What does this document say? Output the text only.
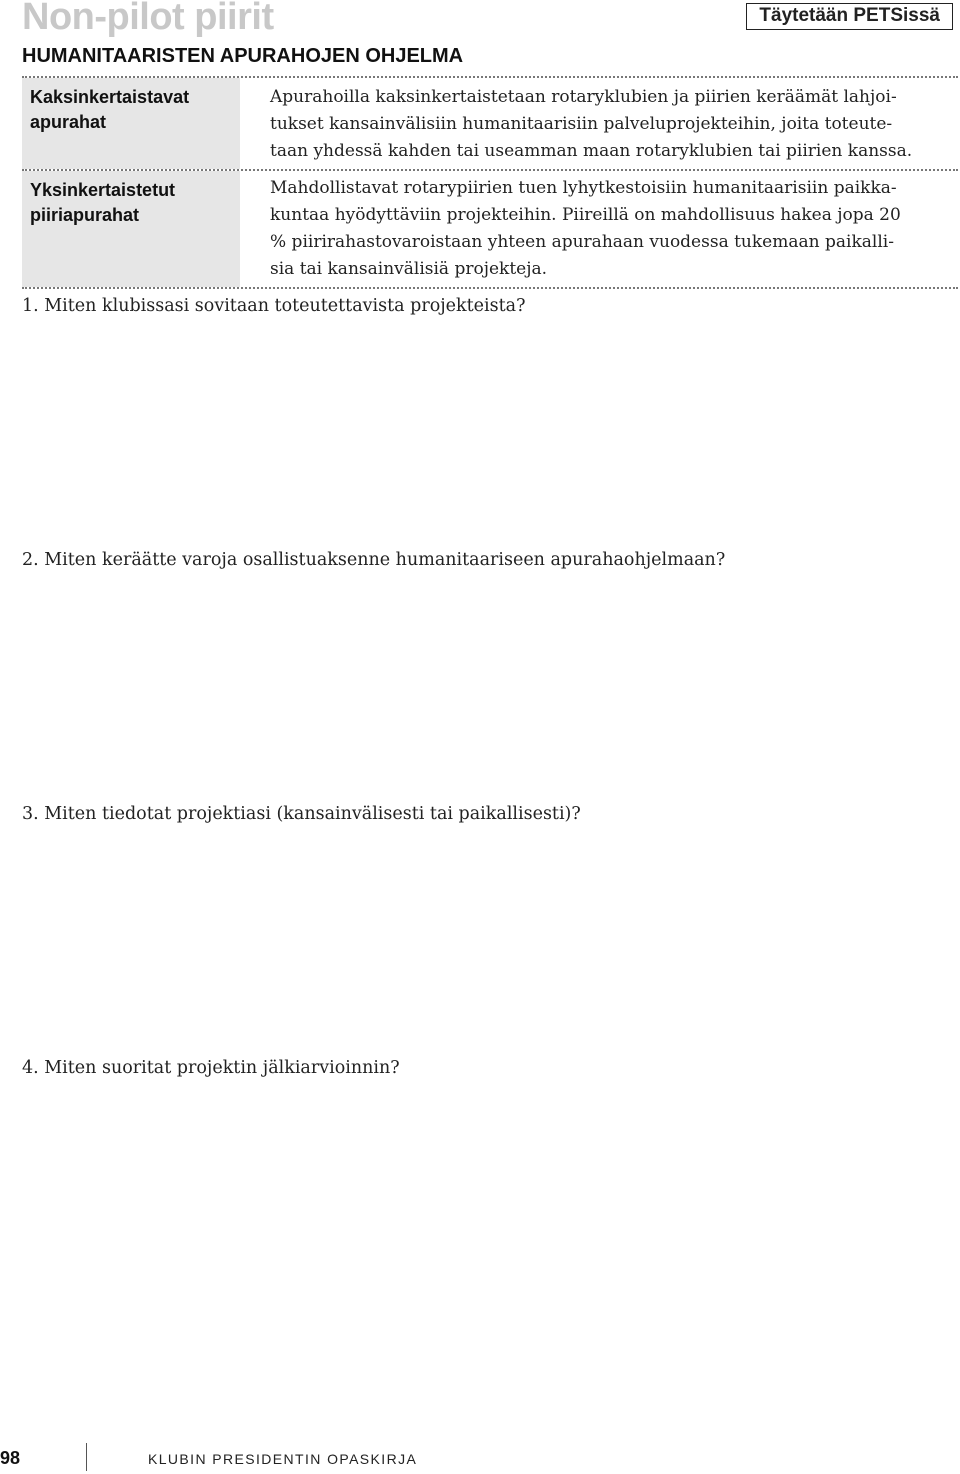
Non-pilot piirit	Täytetään PETSissä
HUMANITAARISTEN APURAHOJEN OHJELMA
Kaksinkertaistavat
apurahat
Apurahoilla kaksinkertaistetaan rotaryklubien ja piirien keräämät lahjoi-
tukset kansainvälisiin humanitaarisiin palveluprojekteihin, joita toteute-
taan yhdessä kahden tai useamman maan rotaryklubien tai piirien kanssa.
Yksinkertaistetut
piiriapurahat
Mahdollistavat rotarypiirien tuen lyhytkestoisiin humanitaarisiin paikka-
kuntaa hyödyttäviin projekteihin. Piireillä on mahdollisuus hakea jopa 20
% piirirahastovaroistaan yhteen apurahaan vuodessa tukemaan paikalli-
sia tai kansainvälisiä projekteja.
1. Miten klubissasi sovitaan toteutettavista projekteista?
2. Miten keräätte varoja osallistuaksenne humanitaariseen apurahaohjelmaan?
3. Miten tiedotat projektiasi (kansainvälisesti tai paikallisesti)?
4. Miten suoritat projektin jälkiarvioinnin?
98	KLUBIN PRESIDENTIN OPASKIRJA
